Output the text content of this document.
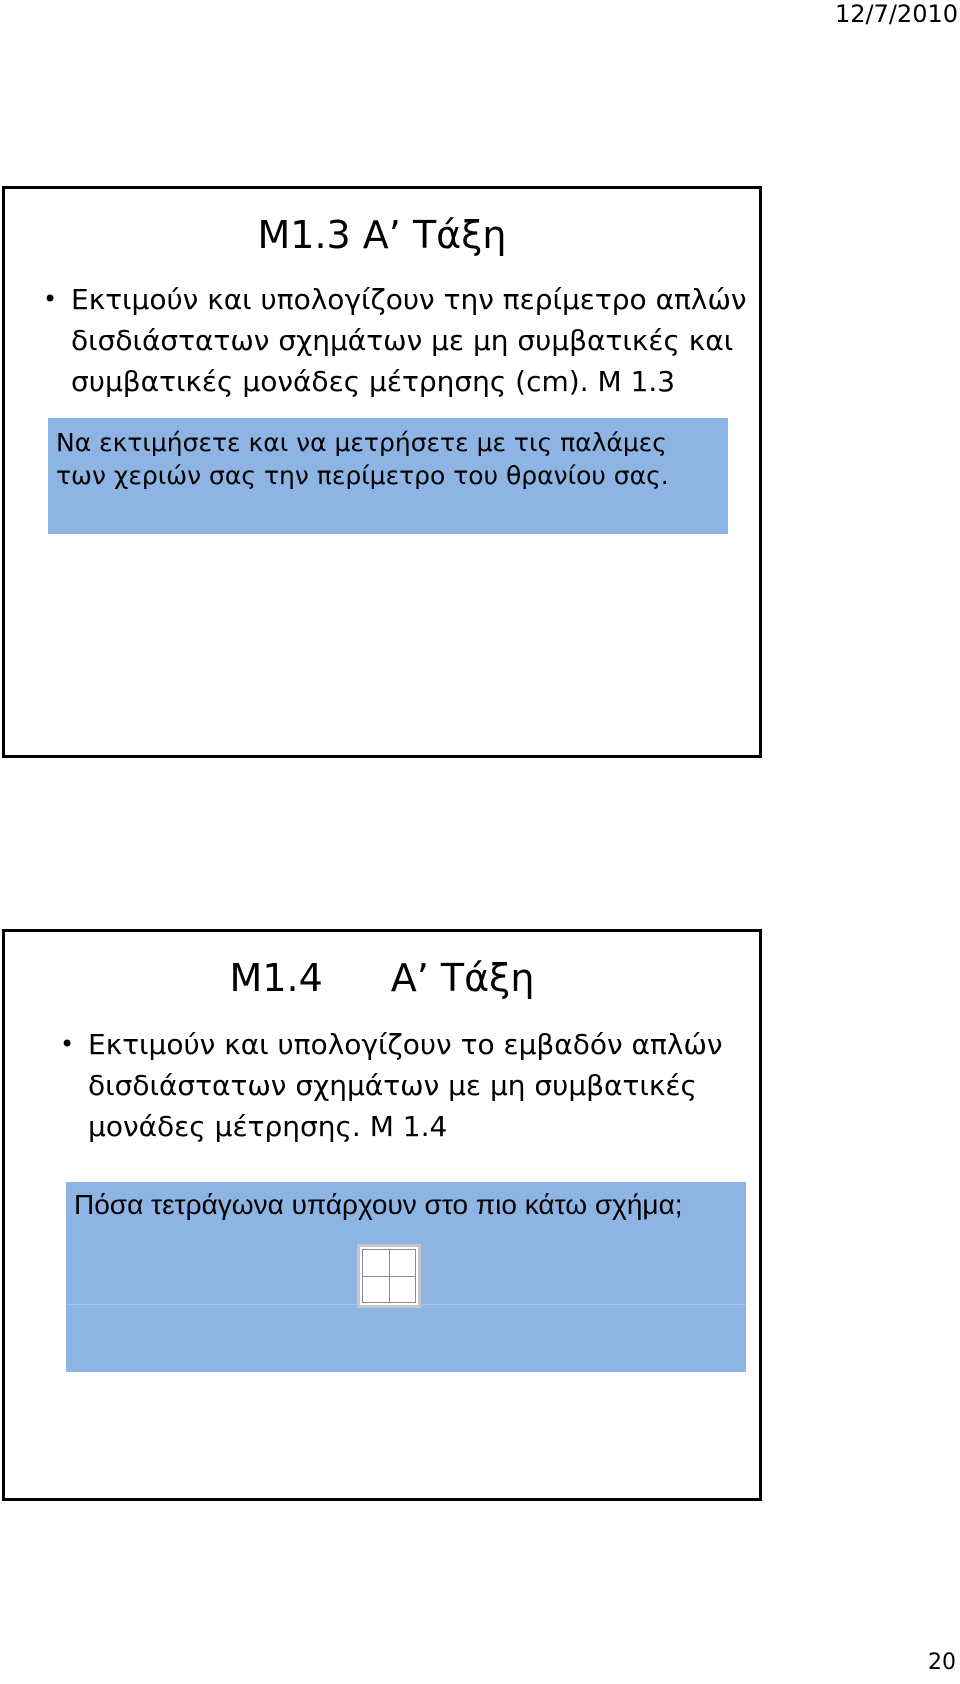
12/7/2010
M1.3 Α’ Τάξη
• Εκτιμούν και υπολογίζουν την περίμετρο απλών
δισδιάστατων σχημάτων με μη συμβατικές και
συμβατικές μονάδες μέτρησης (cm). Μ 1.3
Να εκτιμήσετε και να μετρήσετε με τις παλάμες
των χεριών σας την περίμετρο του θρανίου σας.
M1.4 Α’ Τάξη
• Εκτιμούν και υπολογίζουν το εμβαδόν απλών
δισδιάστατων σχημάτων με μη συμβατικές
μονάδες μέτρησης. Μ 1.4
Πόσα τετράγωνα υπάρχουν στο πιο κάτω σχήμα;
20
